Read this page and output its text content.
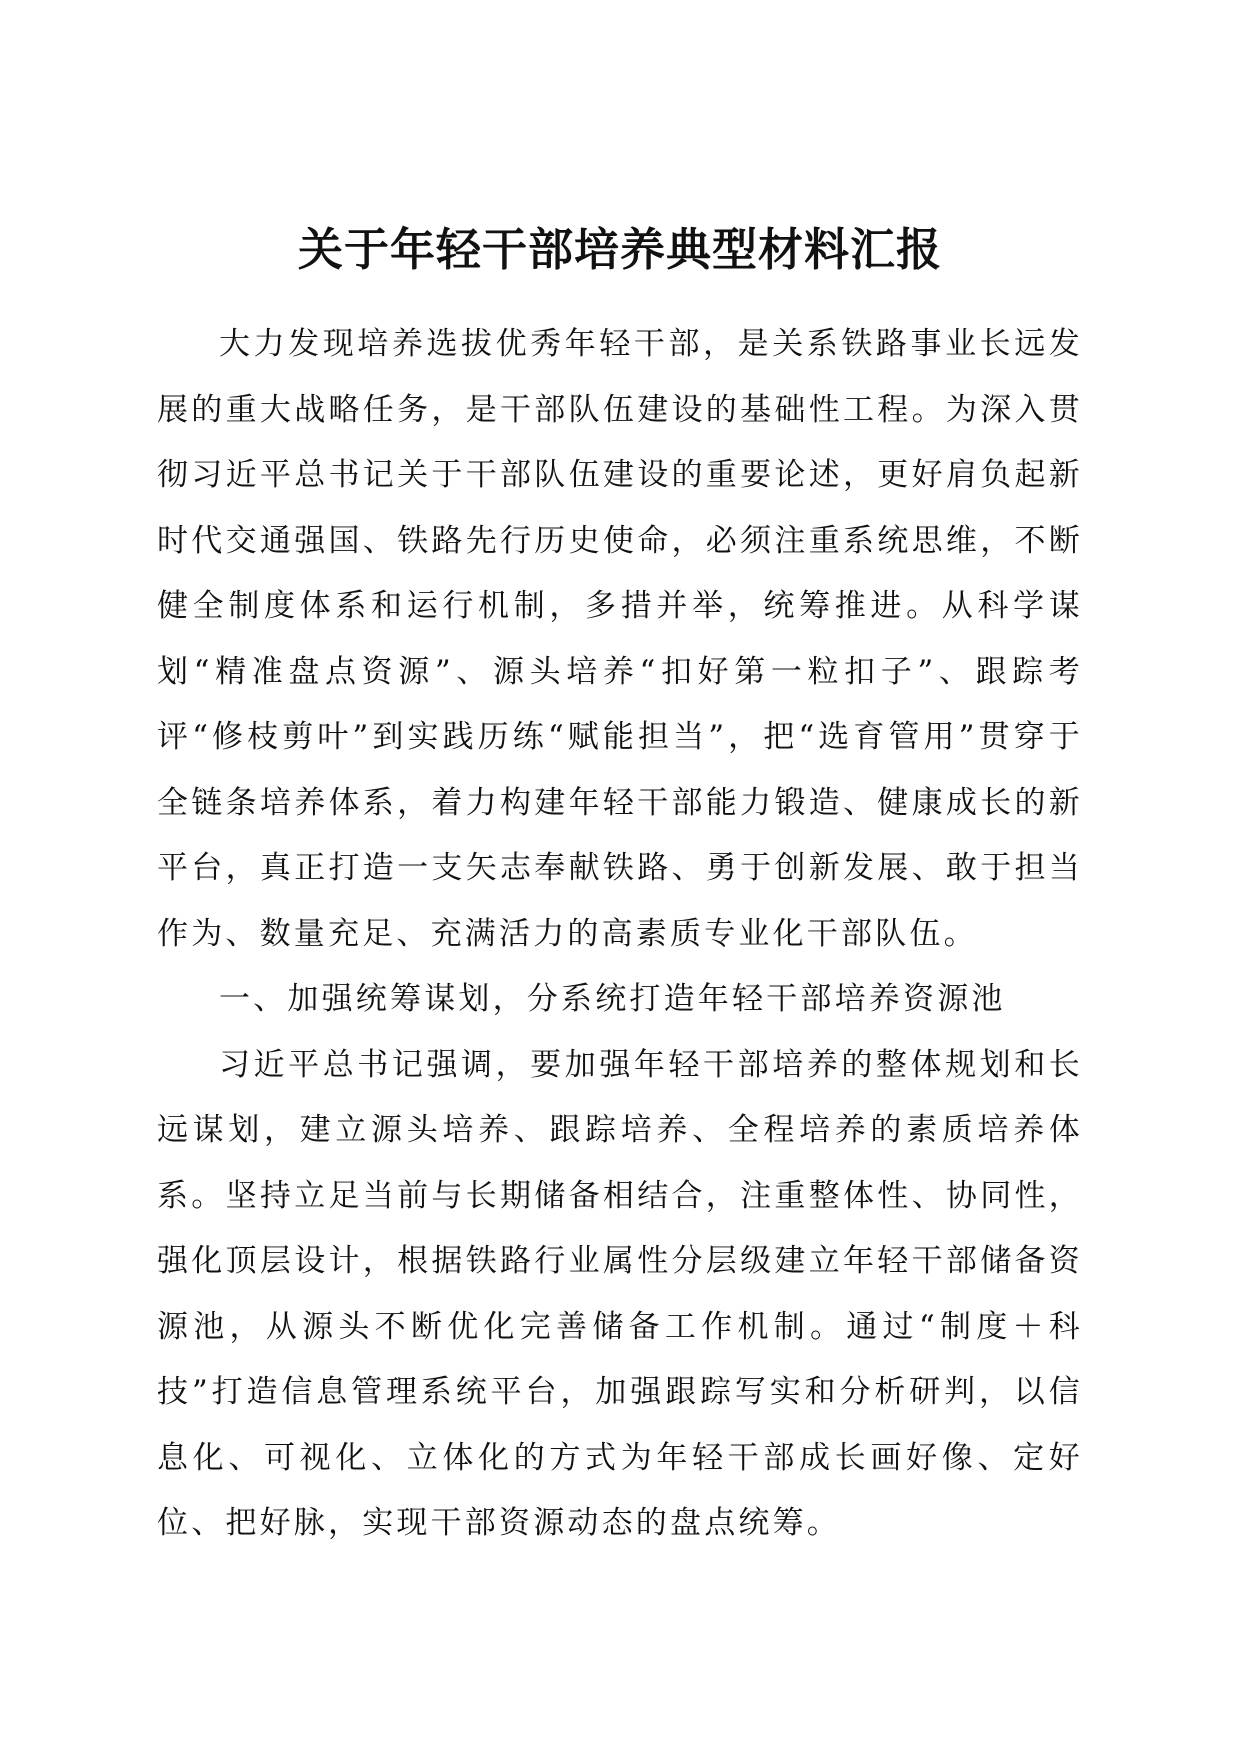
关于年轻干部培养典型材料汇报

大力发现培养选拔优秀年轻干部，是关系铁路事业长远发展的重大战略任务，是干部队伍建设的基础性工程。为深入贯彻习近平总书记关于干部队伍建设的重要论述，更好肩负起新时代交通强国、铁路先行历史使命，必须注重系统思维，不断健全制度体系和运行机制，多措并举，统筹推进。从科学谋划“精准盘点资源”、源头培养“扣好第一粒扣子”、跟踪考评“修枝剪叶”到实践历练“赋能担当”，把“选育管用”贯穿于全链条培养体系，着力构建年轻干部能力锻造、健康成长的新平台，真正打造一支矢志奉献铁路、勇于创新发展、敢于担当作为、数量充足、充满活力的高素质专业化干部队伍。

一、加强统筹谋划，分系统打造年轻干部培养资源池

习近平总书记强调，要加强年轻干部培养的整体规划和长远谋划，建立源头培养、跟踪培养、全程培养的素质培养体系。坚持立足当前与长期储备相结合，注重整体性、协同性，强化顶层设计，根据铁路行业属性分层级建立年轻干部储备资源池，从源头不断优化完善储备工作机制。通过“制度＋科技”打造信息管理系统平台，加强跟踪写实和分析研判，以信息化、可视化、立体化的方式为年轻干部成长画好像、定好位、把好脉，实现干部资源动态的盘点统筹。
